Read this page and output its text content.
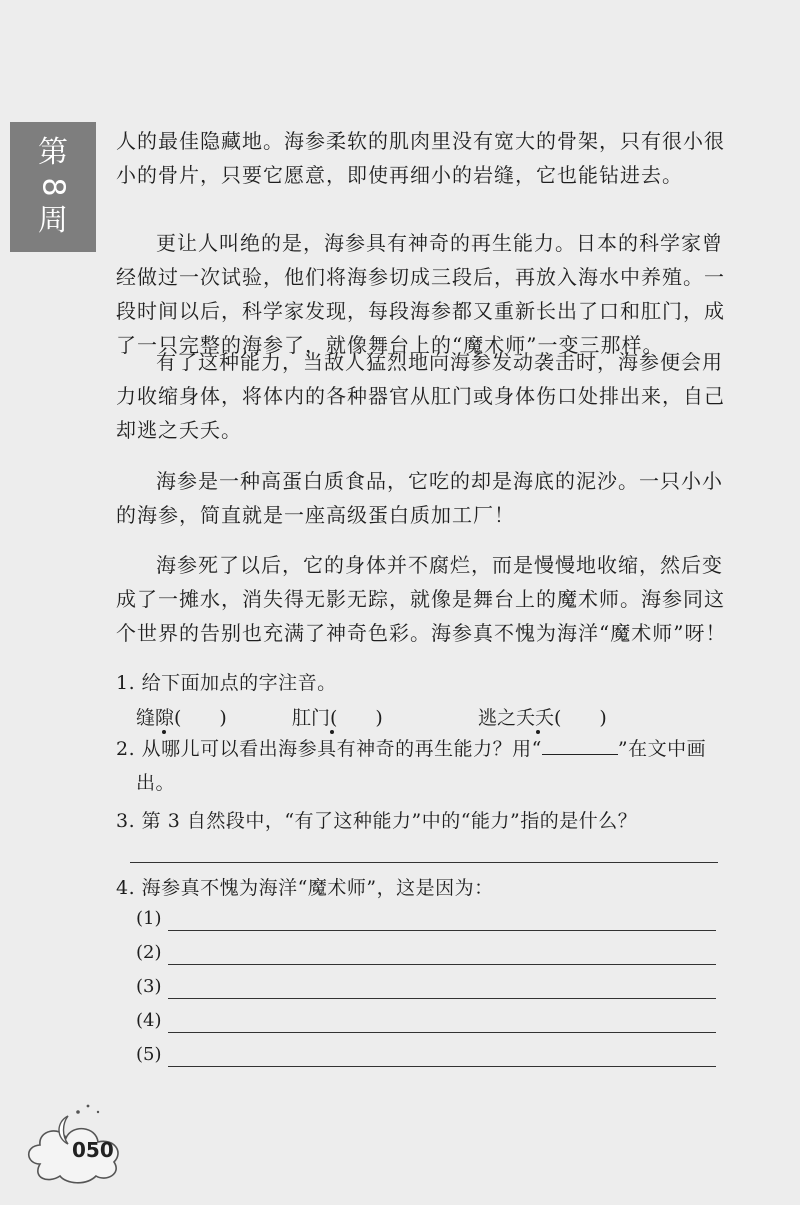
第
8
周

人的最佳隐藏地。海参柔软的肌肉里没有宽大的骨架，只有很小很小的骨片，只要它愿意，即使再细小的岩缝，它也能钻进去。

更让人叫绝的是，海参具有神奇的再生能力。日本的科学家曾经做过一次试验，他们将海参切成三段后，再放入海水中养殖。一段时间以后，科学家发现，每段海参都又重新长出了口和肛门，成了一只完整的海参了，就像舞台上的“魔术师”一变三那样。

有了这种能力，当敌人猛烈地向海参发动袭击时，海参便会用力收缩身体，将体内的各种器官从肛门或身体伤口处排出来，自己却逃之夭夭。

海参是一种高蛋白质食品，它吃的却是海底的泥沙。一只小小的海参，简直就是一座高级蛋白质加工厂！

海参死了以后，它的身体并不腐烂，而是慢慢地收缩，然后变成了一摊水，消失得无影无踪，就像是舞台上的魔术师。海参同这个世界的告别也充满了神奇色彩。海参真不愧为海洋“魔术师”呀！

1. 给下面加点的字注音。
缝隙(　　)	肛门(　　)	逃之夭夭(　　)
2. 从哪儿可以看出海参具有神奇的再生能力？用“	”在文中画
出。
3. 第 3 自然段中，“有了这种能力”中的“能力”指的是什么？
4. 海参真不愧为海洋“魔术师”，这是因为：
(1)
(2)
(3)
(4)
(5)
050
